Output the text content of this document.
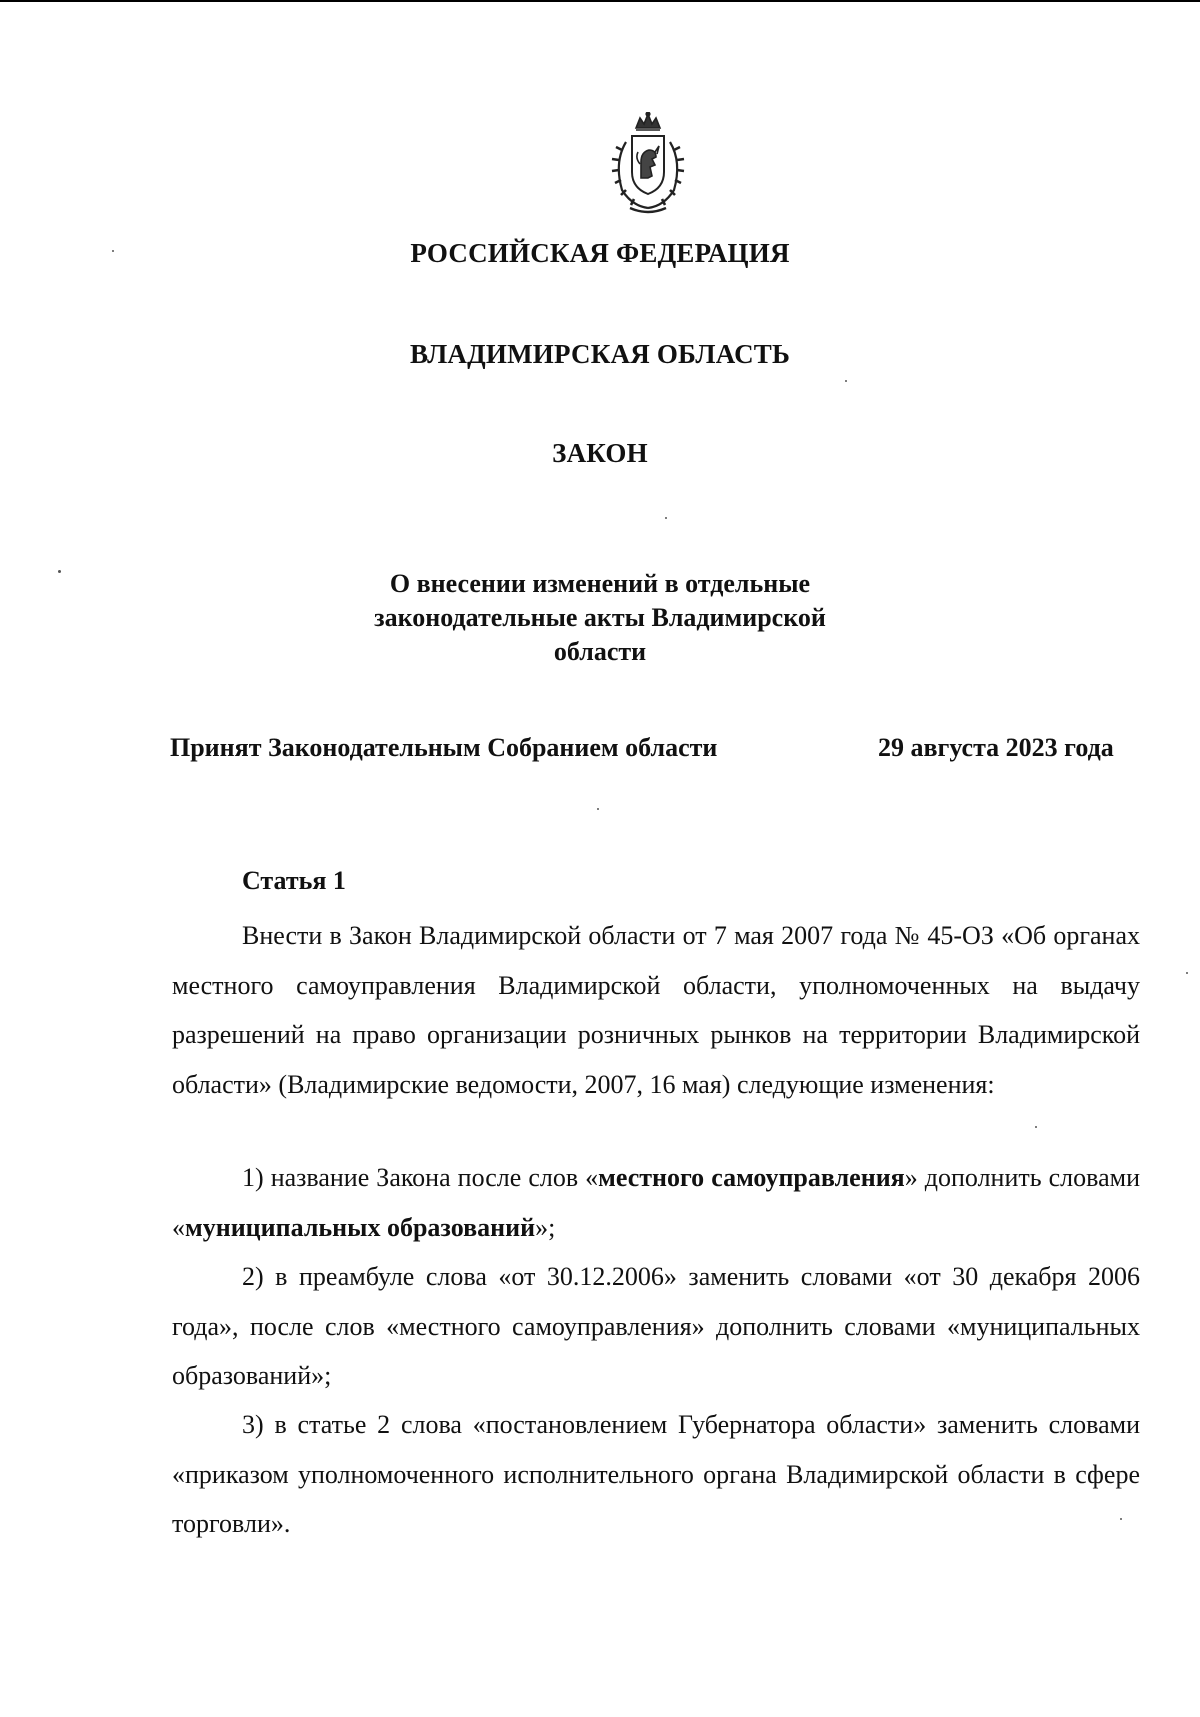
РОССИЙСКАЯ ФЕДЕРАЦИЯ

ВЛАДИМИРСКАЯ ОБЛАСТЬ

ЗАКОН

О внесении изменений в отдельные
законодательные акты Владимирской
области

Принят Законодательным Собранием области	29 августа 2023 года

Статья 1

Внести в Закон Владимирской области от 7 мая 2007 года № 45-ОЗ «Об органах местного самоуправления Владимирской области, уполномоченных на выдачу разрешений на право организации розничных рынков на территории Владимирской области» (Владимирские ведомости, 2007, 16 мая) следующие изменения:

1) название Закона после слов «местного самоуправления» дополнить словами «муниципальных образований»;

2) в преамбуле слова «от 30.12.2006» заменить словами «от 30 декабря 2006 года», после слов «местного самоуправления» дополнить словами «муниципальных образований»;

3) в статье 2 слова «постановлением Губернатора области» заменить словами «приказом уполномоченного исполнительного органа Владимирской области в сфере торговли».
